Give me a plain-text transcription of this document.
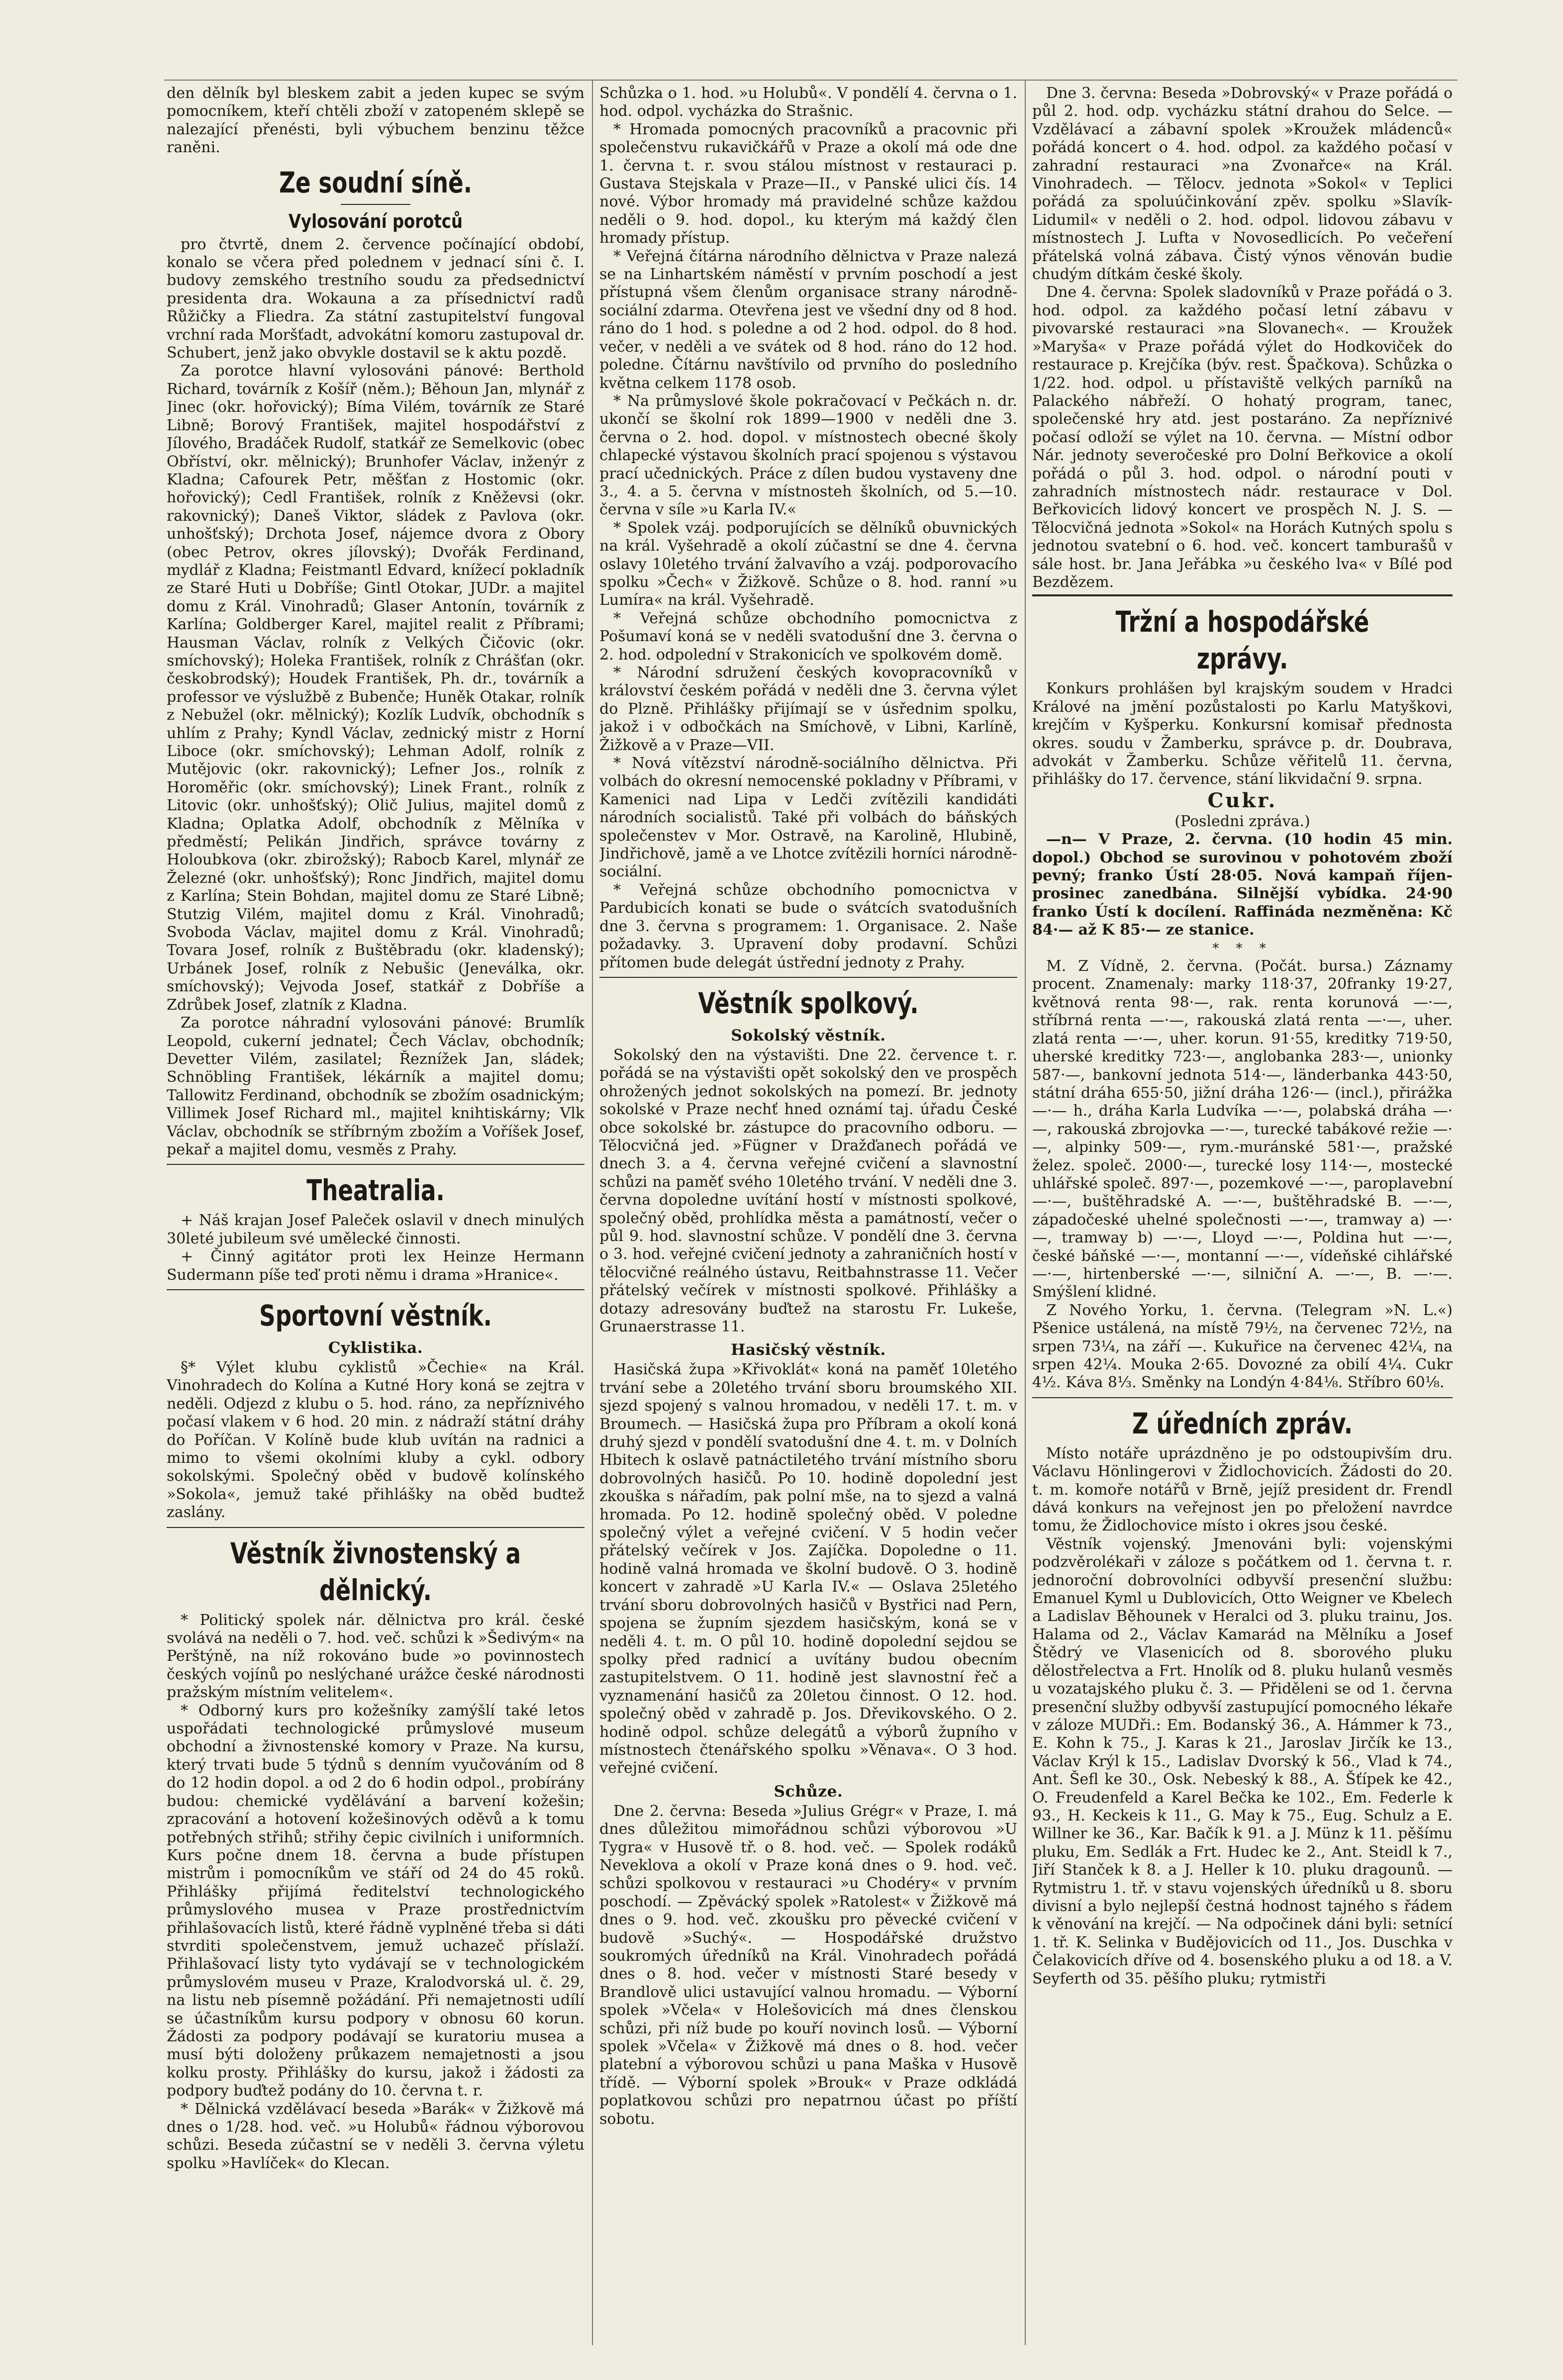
den dělník byl bleskem zabit a jeden kupec se svým pomocníkem, kteří chtěli zboží v zatopeném sklepě se nalezající přenésti, byli výbuchem benzinu těžce raněni.

Ze soudní síně.
Vylosování porotců

pro čtvrtě, dnem 2. července počínající období, konalo se včera před polednem v jednací síni č. I. budovy zemského trestního soudu za předsednictví presidenta dra. Wokauna a za přísednictví radů Růžičky a Fliedra. Za státní zastupitelství fungoval vrchní rada Moršťadt, advokátní komoru zastupoval dr. Schubert, jenž jako obvykle dostavil se k aktu pozdě.

Za porotce hlavní vylosováni pánové: Berthold Richard, továrník z Košíř (něm.); Běhoun Jan, mlynář z Jinec (okr. hořovický); Bíma Vilém, továrník ze Staré Libně; Borový František, majitel hospodářství z Jílového, Bradáček Rudolf, statkář ze Semelkovic (obec Obříství, okr. mělnický); Brunhofer Václav, inženýr z Kladna; Cafourek Petr, měšťan z Hostomic (okr. hořovický); Cedl František, rolník z Kněževsi (okr. rakovnický); Daneš Viktor, sládek z Pavlova (okr. unhošťský); Drchota Josef, nájemce dvora z Obory (obec Petrov, okres jílovský); Dvořák Ferdinand, mydlář z Kladna; Feistmantl Edvard, knížecí pokladník ze Staré Huti u Dobříše; Gintl Otokar, JUDr. a majitel domu z Král. Vinohradů; Glaser Antonín, továrník z Karlína; Goldberger Karel, majitel realit z Příbrami; Hausman Václav, rolník z Velkých Čičovic (okr. smíchovský); Holeka František, rolník z Chrášťan (okr. českobrodský); Houdek František, Ph. dr., továrník a professor ve výslužbě z Bubenče; Huněk Otakar, rolník z Nebužel (okr. mělnický); Kozlík Ludvík, obchodník s uhlím z Prahy; Kyndl Václav, zednický mistr z Horní Liboce (okr. smíchovský); Lehman Adolf, rolník z Mutějovic (okr. rakovnický); Lefner Jos., rolník z Horoměřic (okr. smíchovský); Linek Frant., rolník z Litovic (okr. unhošťský); Olič Julius, majitel domů z Kladna; Oplatka Adolf, obchodník z Mělníka v předměstí; Pelikán Jindřich, správce továrny z Holoubkova (okr. zbirožský); Rabocb Karel, mlynář ze Železné (okr. unhošťský); Ronc Jindřich, majitel domu z Karlína; Stein Bohdan, majitel domu ze Staré Libně; Stutzig Vilém, majitel domu z Král. Vinohradů; Svoboda Václav, majitel domu z Král. Vinohradů; Tovara Josef, rolník z Buštěbradu (okr. kladenský); Urbánek Josef, rolník z Nebušic (Jeneválka, okr. smíchovský); Vejvoda Josef, statkář z Dobříše a Zdrůbek Josef, zlatník z Kladna.

Za porotce náhradní vylosováni pánové: Brumlík Leopold, cukerní jednatel; Čech Václav, obchodník; Devetter Vilém, zasilatel; Řeznížek Jan, sládek; Schnöbling František, lékárník a majitel domu; Tallowitz Ferdinand, obchodník se zbožím osadnickým; Villimek Josef Richard ml., majitel knihtiskárny; Vlk Václav, obchodník se stříbrným zbožím a Voříšek Josef, pekař a majitel domu, vesměs z Prahy.

Theatralia.

+ Náš krajan Josef Paleček oslavil v dnech minulých 30leté jubileum své umělecké činnosti.

+ Činný agitátor proti lex Heinze Hermann Sudermann píše teď proti němu i drama »Hranice«.

Sportovní věstník.
Cyklistika.

§* Výlet klubu cyklistů »Čechie« na Král. Vinohradech do Kolína a Kutné Hory koná se zejtra v neděli. Odjezd z klubu o 5. hod. ráno, za nepříznivého počasí vlakem v 6 hod. 20 min. z nádraží státní dráhy do Poříčan. V Kolíně bude klub uvítán na radnici a mimo to všemi okolními kluby a cykl. odbory sokolskými. Společný oběd v budově kolínského »Sokola«, jemuž také přihlášky na oběd budtež zaslány.

Věstník živnostenský a dělnický.

* Politický spolek nár. dělnictva pro král. české svolává na neděli o 7. hod. več. schůzi k »Šedivým« na Perštýně, na níž rokováno bude »o povinnostech českých vojínů po neslýchané urážce české národnosti pražským místním velitelem«.

* Odborný kurs pro kožešníky zamýšlí také letos uspořádati technologické průmyslové museum obchodní a živnostenské komory v Praze. Na kursu, který trvati bude 5 týdnů s denním vyučováním od 8 do 12 hodin dopol. a od 2 do 6 hodin odpol., probírány budou: chemické vydělávání a barvení kožešin; zpracování a hotovení kožešinových oděvů a k tomu potřebných střihů; střihy čepic civilních i uniformních. Kurs počne dnem 18. června a bude přístupen mistrům i pomocníkům ve stáří od 24 do 45 roků. Přihlášky přijímá ředitelství technologického průmyslového musea v Praze prostřednictvím přihlašovacích listů, které řádně vyplněné třeba si dáti stvrditi společenstvem, jemuž uchazeč příslaží. Přihlašovací listy tyto vydávají se v technologickém průmyslovém museu v Praze, Kralodvorská ul. č. 29, na listu neb písemně požádání. Při nemajetnosti udílí se účastníkům kursu podpory v obnosu 60 korun. Žádosti za podpory podávají se kuratoriu musea a musí býti doloženy průkazem nemajetnosti a jsou kolku prosty. Přihlášky do kursu, jakož i žádosti za podpory buďtež podány do 10. června t. r.

* Dělnická vzdělávací beseda »Barák« v Žižkově má dnes o 1/28. hod. več. »u Holubů« řádnou výborovou schůzi. Beseda zúčastní se v neděli 3. června výletu spolku »Havlíček« do Klecan.

Schůzka o 1. hod. »u Holubů«. V pondělí 4. června o 1. hod. odpol. vycházka do Strašnic.

* Hromada pomocných pracovníků a pracovnic při společenstvu rukavičkářů v Praze a okolí má ode dne 1. června t. r. svou stálou místnost v restauraci p. Gustava Stejskala v Praze—II., v Panské ulici čís. 14 nové. Výbor hromady má pravidelné schůze každou neděli o 9. hod. dopol., ku kterým má každý člen hromady přístup.

* Veřejná čítárna národního dělnictva v Praze nalezá se na Linhartském náměstí v prvním poschodí a jest přístupná všem členům organisace strany národně-sociální zdarma. Otevřena jest ve všední dny od 8 hod. ráno do 1 hod. s poledne a od 2 hod. odpol. do 8 hod. večer, v neděli a ve svátek od 8 hod. ráno do 12 hod. poledne. Čítárnu navštívilo od prvního do posledního května celkem 1178 osob.

* Na průmyslové škole pokračovací v Pečkách n. dr. ukončí se školní rok 1899—1900 v neděli dne 3. června o 2. hod. dopol. v místnostech obecné školy chlapecké výstavou školních prací spojenou s výstavou prací učednických. Práce z dílen budou vystaveny dne 3., 4. a 5. června v místnosteh školních, od 5.—10. června v síle »u Karla IV.«

* Spolek vzáj. podporujících se dělníků obuvnických na král. Vyšehradě a okolí zúčastní se dne 4. června oslavy 10letého trvání žalvavího a vzáj. podporovacího spolku »Čech« v Žižkově. Schůze o 8. hod. ranní »u Lumíra« na král. Vyšehradě.

* Veřejná schůze obchodního pomocnictva z Pošumaví koná se v neděli svatodušní dne 3. června o 2. hod. odpolední v Strakonicích ve spolkovém domě.

* Národní sdružení českých kovopracovníků v království českém pořádá v neděli dne 3. června výlet do Plzně. Přihlášky přijímají se v úsřednim spolku, jakož i v odbočkách na Smíchově, v Libni, Karlíně, Žižkově a v Praze—VII.

* Nová vítězství národně-sociálního dělnictva. Při volbách do okresní nemocenské pokladny v Příbrami, v Kamenici nad Lipa v Ledči zvítězili kandidáti národních socialistů. Také při volbách do báňských společenstev v Mor. Ostravě, na Karolině, Hlubině, Jindřichově, jamě a ve Lhotce zvítězili horníci národně-sociální.

* Veřejná schůze obchodního pomocnictva v Pardubicích konati se bude o svátcích svatodušních dne 3. června s programem: 1. Organisace. 2. Naše požadavky. 3. Upravení doby prodavní. Schůzi přítomen bude delegát ústřední jednoty z Prahy.

Věstník spolkový.
Sokolský věstník.

Sokolský den na výstavišti. Dne 22. července t. r. pořádá se na výstavišti opět sokolský den ve prospěch ohrožených jednot sokolských na pomezí. Br. jednoty sokolské v Praze nechť hned oznámí taj. úřadu České obce sokolské br. zástupce do pracovního odboru. — Tělocvičná jed. »Fügner v Dražďanech pořádá ve dnech 3. a 4. června veřejné cvičení a slavnostní schůzi na paměť svého 10letého trvání. V neděli dne 3. června dopoledne uvítání hostí v místnosti spolkové, společný oběd, prohlídka města a památností, večer o půl 9. hod. slavnostní schůze. V pondělí dne 3. června o 3. hod. veřejné cvičení jednoty a zahraničních hostí v tělocvičné reálného ústavu, Reitbahnstrasse 11. Večer přátelský večírek v místnosti spolkové. Přihlášky a dotazy adresovány buďtež na starostu Fr. Lukeše, Grunaerstrasse 11.

Hasičský věstník.

Hasičská župa »Křivoklát« koná na paměť 10letého trvání sebe a 20letého trvání sboru broumského XII. sjezd spojený s valnou hromadou, v neděli 17. t. m. v Broumech. — Hasičská župa pro Příbram a okolí koná druhý sjezd v pondělí svatodušní dne 4. t. m. v Dolních Hbitech k oslavě patnáctiletého trvání místního sboru dobrovolných hasičů. Po 10. hodině dopolední jest zkouška s nářadím, pak polní mše, na to sjezd a valná hromada. Po 12. hodině společný oběd. V poledne společný výlet a veřejné cvičení. V 5 hodin večer přátelský večírek v Jos. Zajíčka. Dopoledne o 11. hodině valná hromada ve školní budově. O 3. hodině koncert v zahradě »U Karla IV.« — Oslava 25letého trvání sboru dobrovolných hasičů v Bystřici nad Pern, spojena se župním sjezdem hasičským, koná se v neděli 4. t. m. O půl 10. hodině dopolední sejdou se spolky před radnicí a uvítány budou obecním zastupitelstvem. O 11. hodině jest slavnostní řeč a vyznamenání hasičů za 20letou činnost. O 12. hod. společný oběd v zahradě p. Jos. Dřevikovského. O 2. hodině odpol. schůze delegátů a výborů župního v místnostech čtenářského spolku »Věnava«. O 3 hod. veřejné cvičení.

Schůze.

Dne 2. června: Beseda »Julius Grégr« v Praze, I. má dnes důležitou mimořádnou schůzi výborovou »U Tygra« v Husově tř. o 8. hod. več. — Spolek rodáků Neveklova a okolí v Praze koná dnes o 9. hod. več. schůzi spolkovou v restauraci »u Chodéry« v prvním poschodí. — Zpěvácký spolek »Ratolest« v Žižkově má dnes o 9. hod. več. zkoušku pro pěvecké cvičení v budově »Suchý«. — Hospodářské družstvo soukromých úředníků na Král. Vinohradech pořádá dnes o 8. hod. večer v místnosti Staré besedy v Brandlově ulici ustavující valnou hromadu. — Výborní spolek »Včela« v Holešovicích má dnes členskou schůzi, při níž bude po kouří novinch losů. — Výborní spolek »Včela« v Žižkově má dnes o 8. hod. večer platební a výborovou schůzi u pana Maška v Husově třídě. — Výborní spolek »Brouk« v Praze odkládá poplatkovou schůzi pro nepatrnou účast po příští sobotu.

Dne 3. června: Beseda »Dobrovský« v Praze pořádá o půl 2. hod. odp. vycházku státní drahou do Selce. — Vzdělávací a zábavní spolek »Kroužek mládenců« pořádá koncert o 4. hod. odpol. za každého počasí v zahradní restauraci »na Zvonařce« na Král. Vinohradech. — Tělocv. jednota »Sokol« v Teplici pořádá za spoluúčinkování zpěv. spolku »Slavík-Lidumil« v neděli o 2. hod. odpol. lidovou zábavu v místnostech J. Lufta v Novosedlicích. Po večeření přátelská volná zábava. Čistý výnos věnován budie chudým dítkám české školy.

Dne 4. června: Spolek sladovníků v Praze pořádá o 3. hod. odpol. za každého počasí letní zábavu v pivovarské restauraci »na Slovanech«. — Kroužek »Maryša« v Praze pořádá výlet do Hodkoviček do restaurace p. Krejčíka (býv. rest. Špačkova). Schůzka o 1/22. hod. odpol. u přístaviště velkých parníků na Palackého nábřeží. O hohatý program, tanec, společenské hry atd. jest postaráno. Za nepříznivé počasí odloží se výlet na 10. června. — Místní odbor Nár. jednoty severočeské pro Dolní Beřkovice a okolí pořádá o půl 3. hod. odpol. o národní pouti v zahradních místnostech nádr. restaurace v Dol. Beřkovicích lidový koncert ve prospěch N. J. S. — Tělocvičná jednota »Sokol« na Horách Kutných spolu s jednotou svatební o 6. hod. več. koncert tamburašů v sále host. br. Jana Jeřábka »u českého lva« v Bílé pod Bezdězem.

Tržní a hospodářské zprávy.

Konkurs prohlášen byl krajským soudem v Hradci Králové na jmění pozůstalosti po Karlu Matyškovi, krejčím v Kyšperku. Konkursní komisař přednosta okres. soudu v Žamberku, správce p. dr. Doubrava, advokát v Žamberku. Schůze věřitelů 11. června, přihlášky do 17. července, stání likvidační 9. srpna.

Cukr.

(Posledni zpráva.)

—n— V Praze, 2. června. (10 hodin 45 min. dopol.) Obchod se surovinou v pohotovém zboží pevný; franko Ústí 28·05. Nová kampaň říjen-prosinec zanedbána. Silnější vybídka. 24·90 franko Ústí k docílení. Raffináda nezměněna: Kč 84·— až K 85·— ze stanice.

* * *

M. Z Vídně, 2. června. (Počát. bursa.) Záznamy procent. Znamenaly: marky 118·37, 20franky 19·27, květnová renta 98·—, rak. renta korunová —·—, stříbrná renta —·—, rakouská zlatá renta —·—, uher. zlatá renta —·—, uher. korun. 91·55, kreditky 719·50, uherské kreditky 723·—, anglobanka 283·—, unionky 587·—, bankovní jednota 514·—, länderbanka 443·50, státní dráha 655·50, jižní dráha 126·— (incl.), přirážka —·— h., dráha Karla Ludvíka —·—, polabská dráha —·—, rakouská zbrojovka —·—, turecké tabákové režie —·—, alpinky 509·—, rym.-muránské 581·—, pražské želez. společ. 2000·—, turecké losy 114·—, mostecké uhlářské společ. 897·—, pozemkové —·—, paroplavební —·—, buštěhradské A. —·—, buštěhradské B. —·—, západočeské uhelné společnosti —·—, tramway a) —·—, tramway b) —·—, Lloyd —·—, Poldina hut —·—, české báňské —·—, montanní —·—, vídeňské cihlářské —·—, hirtenberské —·—, silniční A. —·—, B. —·—. Smýšlení klidné.

Z Nového Yorku, 1. června. (Telegram »N. L.«) Pšenice ustálená, na místě 79½, na červenec 72½, na srpen 73¼, na září —. Kukuřice na červenec 42¼, na srpen 42¼. Mouka 2·65. Dovozné za obilí 4¼. Cukr 4½. Káva 8⅓. Směnky na Londýn 4·84⅛. Stříbro 60⅛.

Z úředních zpráv.

Místo notáře uprázdněno je po odstoupivším dru. Václavu Hönlingerovi v Židlochovicích. Žádosti do 20. t. m. komoře notářů v Brně, jejíž president dr. Frendl dává konkurs na veřejnost jen po přeložení navrdce tomu, že Židlochovice místo i okres jsou české.

Věstník vojenský. Jmenováni byli: vojenskými podzvěrolékaři v záloze s počátkem od 1. června t. r. jednoroční dobrovolníci odbyvší presenční službu: Emanuel Kyml u Dublovicích, Otto Weigner ve Kbelech a Ladislav Běhounek v Heralci od 3. pluku trainu, Jos. Halama od 2., Václav Kamarád na Mělníku a Josef Štědrý ve Vlasenicích od 8. sborového pluku dělostřelectva a Frt. Hnolík od 8. pluku hulanů vesměs u vozatajského pluku č. 3. — Přiděleni se od 1. června presenční služby odbyvší zastupující pomocného lékaře v záloze MUDři.: Em. Bodanský 36., A. Hámmer k 73., E. Kohn k 75., J. Karas k 21., Jaroslav Jirčík ke 13., Václav Krýl k 15., Ladislav Dvorský k 56., Vlad k 74., Ant. Šefl ke 30., Osk. Nebeský k 88., A. Šťípek ke 42., O. Freudenfeld a Karel Bečka ke 102., Em. Federle k 93., H. Keckeis k 11., G. May k 75., Eug. Schulz a E. Willner ke 36., Kar. Bačík k 91. a J. Münz k 11. pěšímu pluku, Em. Sedlák a Frt. Hudec ke 2., Ant. Steidl k 7., Jiří Stanček k 8. a J. Heller k 10. pluku dragounů. — Rytmistru 1. tř. v stavu vojenských úředníků u 8. sboru divisní a bylo nejlepší čestná hodnost tajného s řádem k věnování na krejčí. — Na odpočinek dáni byli: setnící 1. tř. K. Selinka v Budějovicích od 11., Jos. Duschka v Čelakovicích dříve od 4. bosenského pluku a od 18. a V. Seyferth od 35. pěšího pluku; rytmistři
